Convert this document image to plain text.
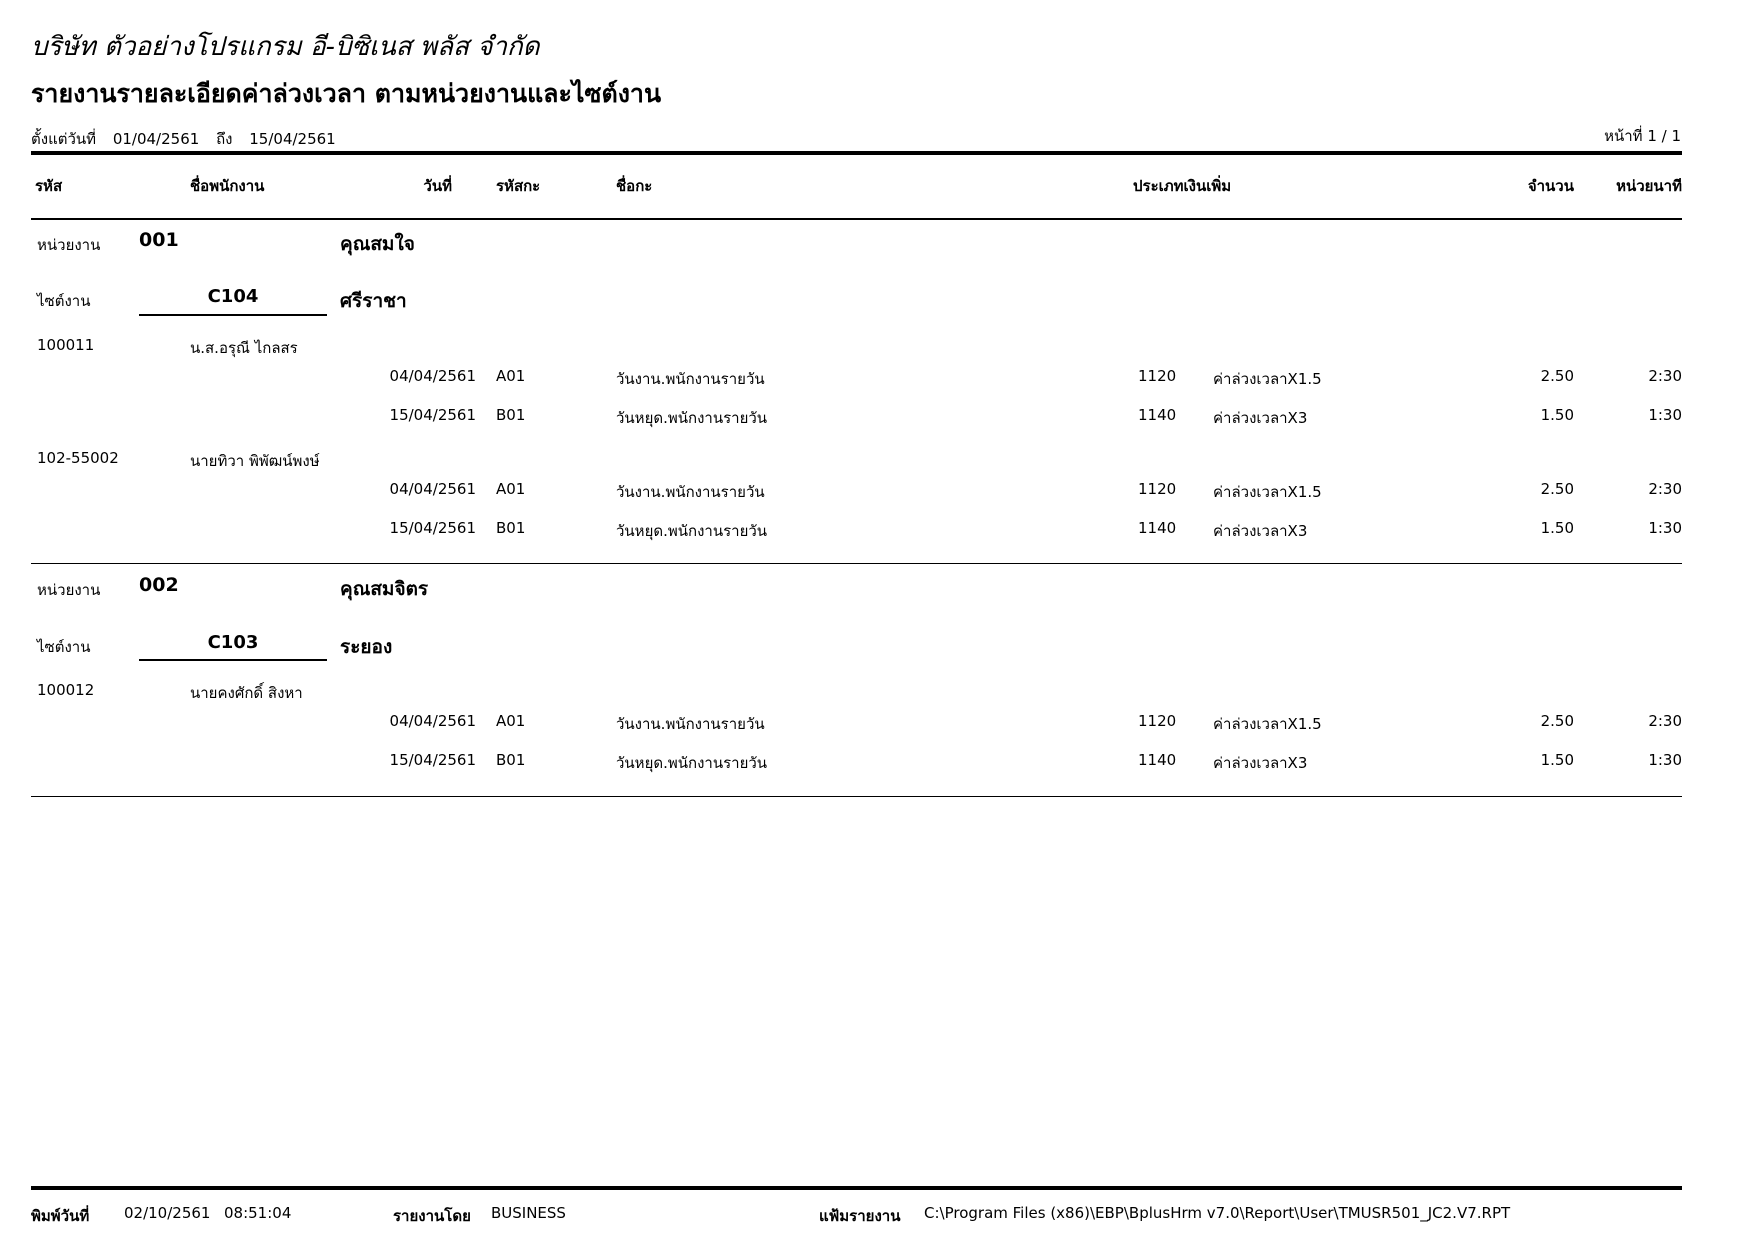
บริษัท ตัวอย่างโปรแกรม อี-บิซิเนส พลัส จำกัด
รายงานรายละเอียดค่าล่วงเวลา ตามหน่วยงานและไซต์งาน
ตั้งแต่วันที่ 01/04/2561 ถึง 15/04/2561	หน้าที่ 1 / 1
รหัส	ชื่อพนักงาน	วันที่	รหัสกะ	ชื่อกะ	ประเภทเงินเพิ่ม	จำนวน	หน่วยนาที
หน่วยงาน 001	คุณสมใจ
ไซต์งาน	C104	ศรีราชา
100011	น.ส.อรุณี ไกลสร
04/04/2561 A01	วันงาน.พนักงานรายวัน	1120 ค่าล่วงเวลาX1.5	2.50	2:30
15/04/2561 B01	วันหยุด.พนักงานรายวัน	1140 ค่าล่วงเวลาX3	1.50	1:30
102-55002	นายทิวา พิพัฒน์พงษ์
04/04/2561 A01	วันงาน.พนักงานรายวัน	1120 ค่าล่วงเวลาX1.5	2.50	2:30
15/04/2561 B01	วันหยุด.พนักงานรายวัน	1140 ค่าล่วงเวลาX3	1.50	1:30
หน่วยงาน 002	คุณสมจิตร
ไซต์งาน	C103	ระยอง
100012	นายคงศักดิ์ สิงหา
04/04/2561 A01	วันงาน.พนักงานรายวัน	1120 ค่าล่วงเวลาX1.5	2.50	2:30
15/04/2561 B01	วันหยุด.พนักงานรายวัน	1140 ค่าล่วงเวลาX3	1.50	1:30
พิมพ์วันที่ 02/10/2561 08:51:04	รายงานโดย BUSINESS	แฟ้มรายงาน C:\Program Files (x86)\EBP\BplusHrm v7.0\Report\User\TMUSR501_JC2.V7.RPT
